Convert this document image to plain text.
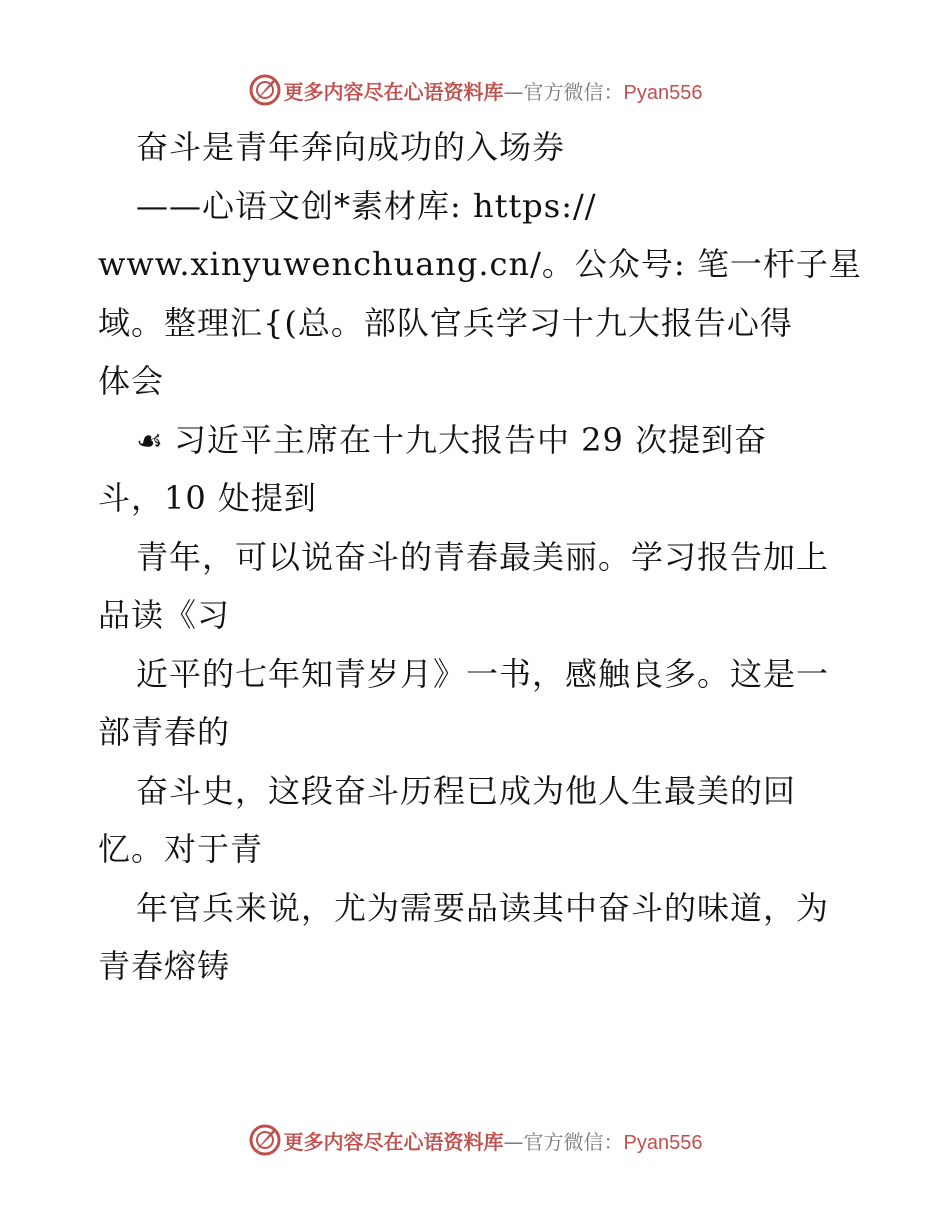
更多内容尽在心语资料库—官方微信：Pyan556
奋斗是青年奔向成功的入场券
——心语文创*素材库: https://
www.xinyuwenchuang.cn/。公众号: 笔一杆子星
域。整理汇{(总。部队官兵学习十九大报告心得
体会
☙ 习近平主席在十九大报告中 29 次提到奋
斗，10 处提到
青年，可以说奋斗的青春最美丽。学习报告加上
品读《习
近平的七年知青岁月》一书，感触良多。这是一
部青春的
奋斗史，这段奋斗历程已成为他人生最美的回
忆。对于青
年官兵来说，尤为需要品读其中奋斗的味道，为
青春熔铸
更多内容尽在心语资料库—官方微信：Pyan556
